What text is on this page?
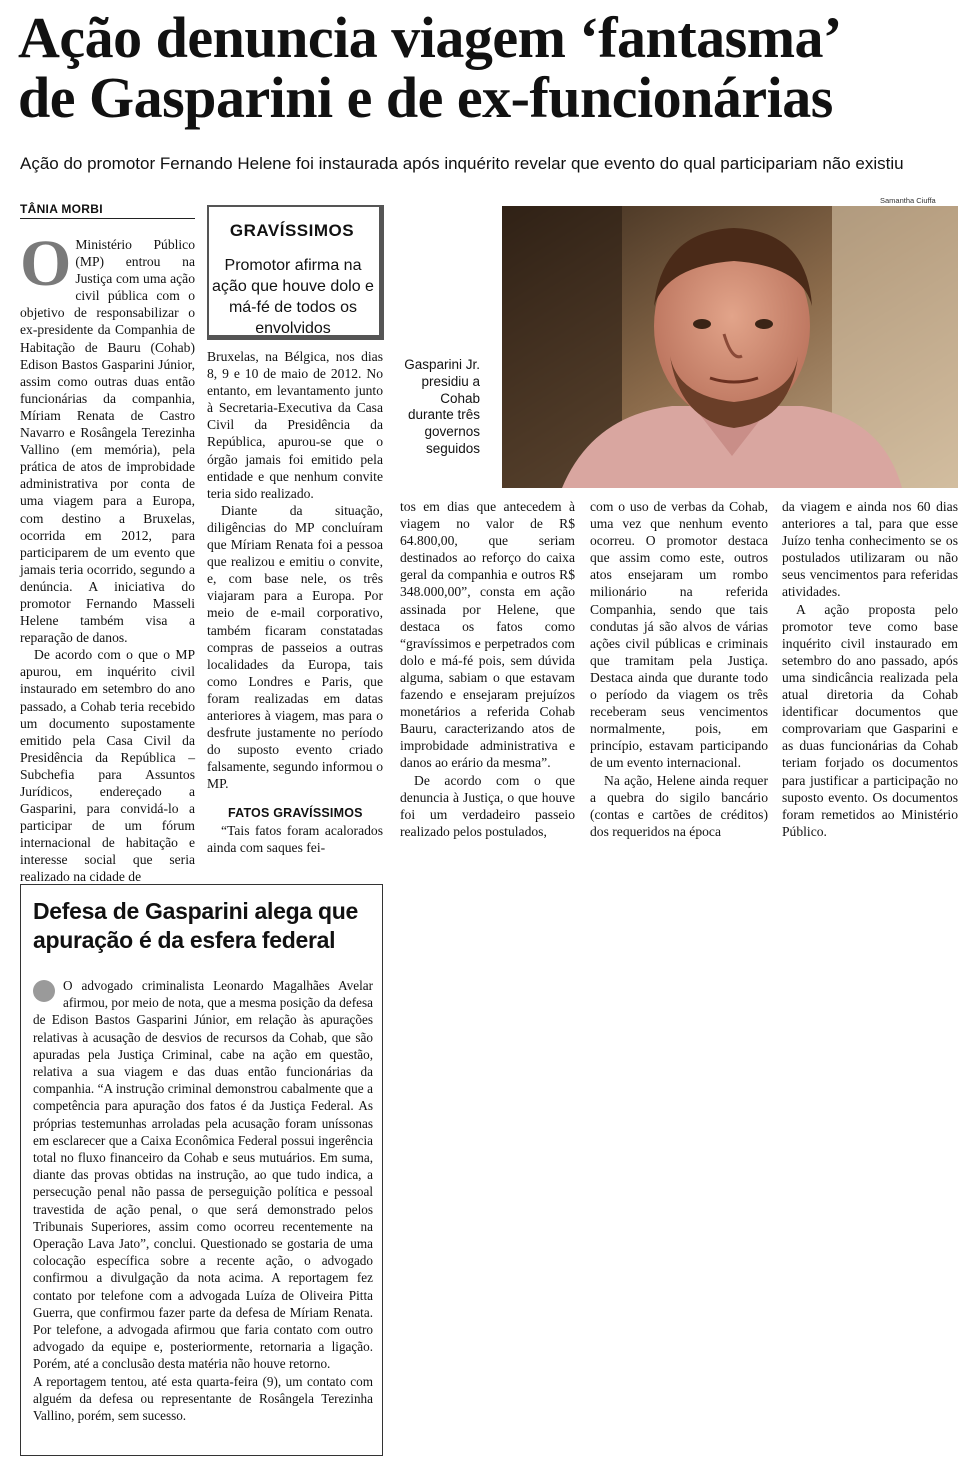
Ação denuncia viagem ‘fantasma’
de Gasparini e de ex-funcionárias

Ação do promotor Fernando Helene foi instaurada após inquérito revelar que evento do qual participariam não existiu

TÂNIA MORBI

O Ministério Público (MP) entrou na Justiça com uma ação civil pública com o objetivo de responsabilizar o ex-presidente da Companhia de Habitação de Bauru (Cohab) Edison Bastos Gasparini Júnior, assim como outras duas então funcionárias da companhia, Míriam Renata de Castro Navarro e Rosângela Terezinha Vallino (em memória), pela prática de atos de improbidade administrativa por conta de uma viagem para a Europa, com destino a Bruxelas, ocorrida em 2012, para participarem de um evento que jamais teria ocorrido, segundo a denúncia. A iniciativa do promotor Fernando Masseli Helene também visa a reparação de danos.

De acordo com o que o MP apurou, em inquérito civil instaurado em setembro do ano passado, a Cohab teria recebido um documento supostamente emitido pela Casa Civil da Presidência da República – Subchefia para Assuntos Jurídicos, endereçado a Gasparini, para convidá-lo a participar de um fórum internacional de habitação e interesse social que seria realizado na cidade de

GRAVÍSSIMOS
Promotor afirma na ação que houve dolo e má-fé de todos os envolvidos

Bruxelas, na Bélgica, nos dias 8, 9 e 10 de maio de 2012. No entanto, em levantamento junto à Secretaria-Executiva da Casa Civil da Presidência da República, apurou-se que o órgão jamais foi emitido pela entidade e que nenhum convite teria sido realizado.

Diante da situação, diligências do MP concluíram que Míriam Renata foi a pessoa que realizou e emitiu o convite, e, com base nele, os três viajaram para a Europa. Por meio de e-mail corporativo, também ficaram constatadas compras de passeios a outras localidades da Europa, tais como Londres e Paris, que foram realizadas em datas anteriores à viagem, mas para o desfrute justamente no período do suposto evento criado falsamente, segundo informou o MP.

FATOS GRAVÍSSIMOS

“Tais fatos foram acalorados ainda com saques fei-

Samantha Ciuffa
Gasparini Jr. presidiu a Cohab durante três governos seguidos

tos em dias que antecedem à viagem no valor de R$ 64.800,00, que seriam destinados ao reforço do caixa geral da companhia e outros R$ 348.000,00”, consta em ação assinada por Helene, que destaca os fatos como “gravíssimos e perpetrados com dolo e má-fé pois, sem dúvida alguma, sabiam o que estavam fazendo e ensejaram prejuízos monetários a referida Cohab Bauru, caracterizando atos de improbidade administrativa e danos ao erário da mesma”.

De acordo com o que denuncia à Justiça, o que houve foi um verdadeiro passeio realizado pelos postulados,

com o uso de verbas da Cohab, uma vez que nenhum evento ocorreu. O promotor destaca que assim como este, outros atos ensejaram um rombo milionário na referida Companhia, sendo que tais condutas já são alvos de várias ações civil públicas e criminais que tramitam pela Justiça. Destaca ainda que durante todo o período da viagem os três receberam seus vencimentos normalmente, pois, em princípio, estavam participando de um evento internacional.

Na ação, Helene ainda requer a quebra do sigilo bancário (contas e cartões de créditos) dos requeridos na época

da viagem e ainda nos 60 dias anteriores a tal, para que esse Juízo tenha conhecimento se os postulados utilizaram ou não seus vencimentos para referidas atividades.

A ação proposta pelo promotor teve como base inquérito civil instaurado em setembro do ano passado, após uma sindicância realizada pela atual diretoria da Cohab identificar documentos que comprovariam que Gasparini e as duas funcionárias da Cohab teriam forjado os documentos para justificar a participação no suposto evento. Os documentos foram remetidos ao Ministério Público.

Defesa de Gasparini alega que apuração é da esfera federal
O advogado criminalista Leonardo Magalhães Avelar afirmou, por meio de nota, que a mesma posição da defesa de Edison Bastos Gasparini Júnior, em relação às apurações relativas à acusação de desvios de recursos da Cohab, que são apuradas pela Justiça Criminal, cabe na ação em questão, relativa a sua viagem e das duas então funcionárias da companhia. “A instrução criminal demonstrou cabalmente que a competência para apuração dos fatos é da Justiça Federal. As próprias testemunhas arroladas pela acusação foram uníssonas em esclarecer que a Caixa Econômica Federal possui ingerência total no fluxo financeiro da Cohab e seus mutuários. Em suma, diante das provas obtidas na instrução, ao que tudo indica, a persecução penal não passa de perseguição política e pessoal travestida de ação penal, o que será demonstrado pelos Tribunais Superiores, assim como ocorreu recentemente na Operação Lava Jato”, conclui. Questionado se gostaria de uma colocação específica sobre a recente ação, o advogado confirmou a divulgação da nota acima. A reportagem fez contato por telefone com a advogada Luíza de Oliveira Pitta Guerra, que confirmou fazer parte da defesa de Míriam Renata. Por telefone, a advogada afirmou que faria contato com outro advogado da equipe e, posteriormente, retornaria a ligação. Porém, até a conclusão desta matéria não houve retorno.
A reportagem tentou, até esta quarta-feira (9), um contato com alguém da defesa ou representante de Rosângela Terezinha Vallino, porém, sem sucesso.
